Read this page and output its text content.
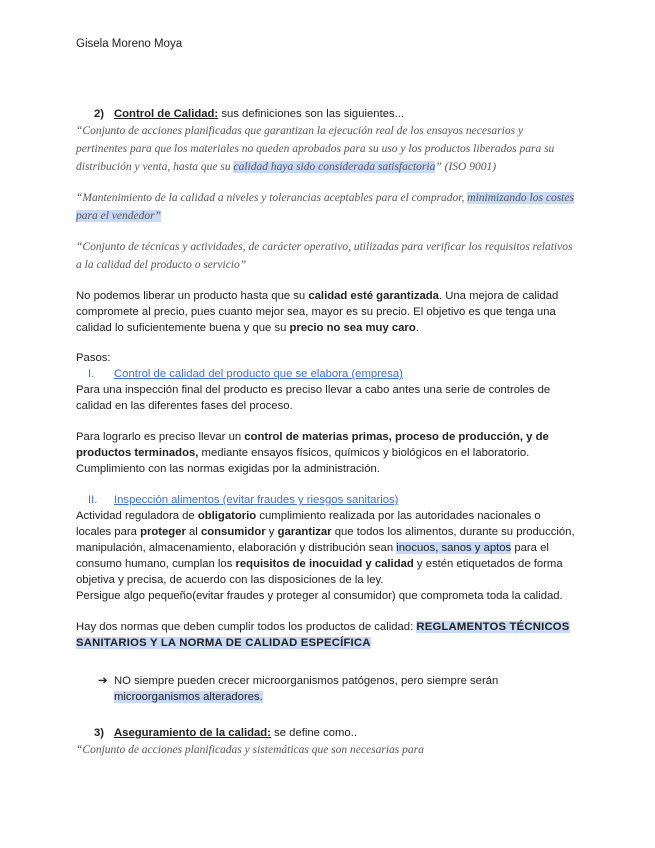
Gisela Moreno Moya

2) Control de Calidad: sus definiciones son las siguientes...

“Conjunto de acciones planificadas que garantizan la ejecución real de los ensayos necesarios y pertinentes para que los materiales no queden aprobados para su uso y los productos liberados para su distribución y venta, hasta que su calidad haya sido considerada satisfactoria” (ISO 9001)

“Mantenimiento de la calidad a niveles y tolerancias aceptables para el comprador, minimizando los costes para el vendedor”

“Conjunto de técnicas y actividades, de carácter operativo, utilizadas para verificar los requisitos relativos a la calidad del producto o servicio”

No podemos liberar un producto hasta que su calidad esté garantizada. Una mejora de calidad compromete al precio, pues cuanto mejor sea, mayor es su precio. El objetivo es que tenga una calidad lo suficientemente buena y que su precio no sea muy caro.

Pasos:

I. Control de calidad del producto que se elabora (empresa)

Para una inspección final del producto es preciso llevar a cabo antes una serie de controles de calidad en las diferentes fases del proceso.

Para lograrlo es preciso llevar un control de materias primas, proceso de producción, y de productos terminados, mediante ensayos físicos, químicos y biológicos en el laboratorio. Cumplimiento con las normas exigidas por la administración.

II. Inspección alimentos (evitar fraudes y riesgos sanitarios)

Actividad reguladora de obligatorio cumplimiento realizada por las autoridades nacionales o locales para proteger al consumidor y garantizar que todos los alimentos, durante su producción, manipulación, almacenamiento, elaboración y distribución sean inocuos, sanos y aptos para el consumo humano, cumplan los requisitos de inocuidad y calidad y estén etiquetados de forma objetiva y precisa, de acuerdo con las disposiciones de la ley.

Persigue algo pequeño(evitar fraudes y proteger al consumidor) que comprometa toda la calidad.

Hay dos normas que deben cumplir todos los productos de calidad: REGLAMENTOS TÉCNICOS SANITARIOS Y LA NORMA DE CALIDAD ESPECÍFICA

➔ NO siempre pueden crecer microorganismos patógenos, pero siempre serán microorganismos alteradores.

3) Aseguramiento de la calidad: se define como..

“Conjunto de acciones planificadas y sistemáticas que son necesarias para
